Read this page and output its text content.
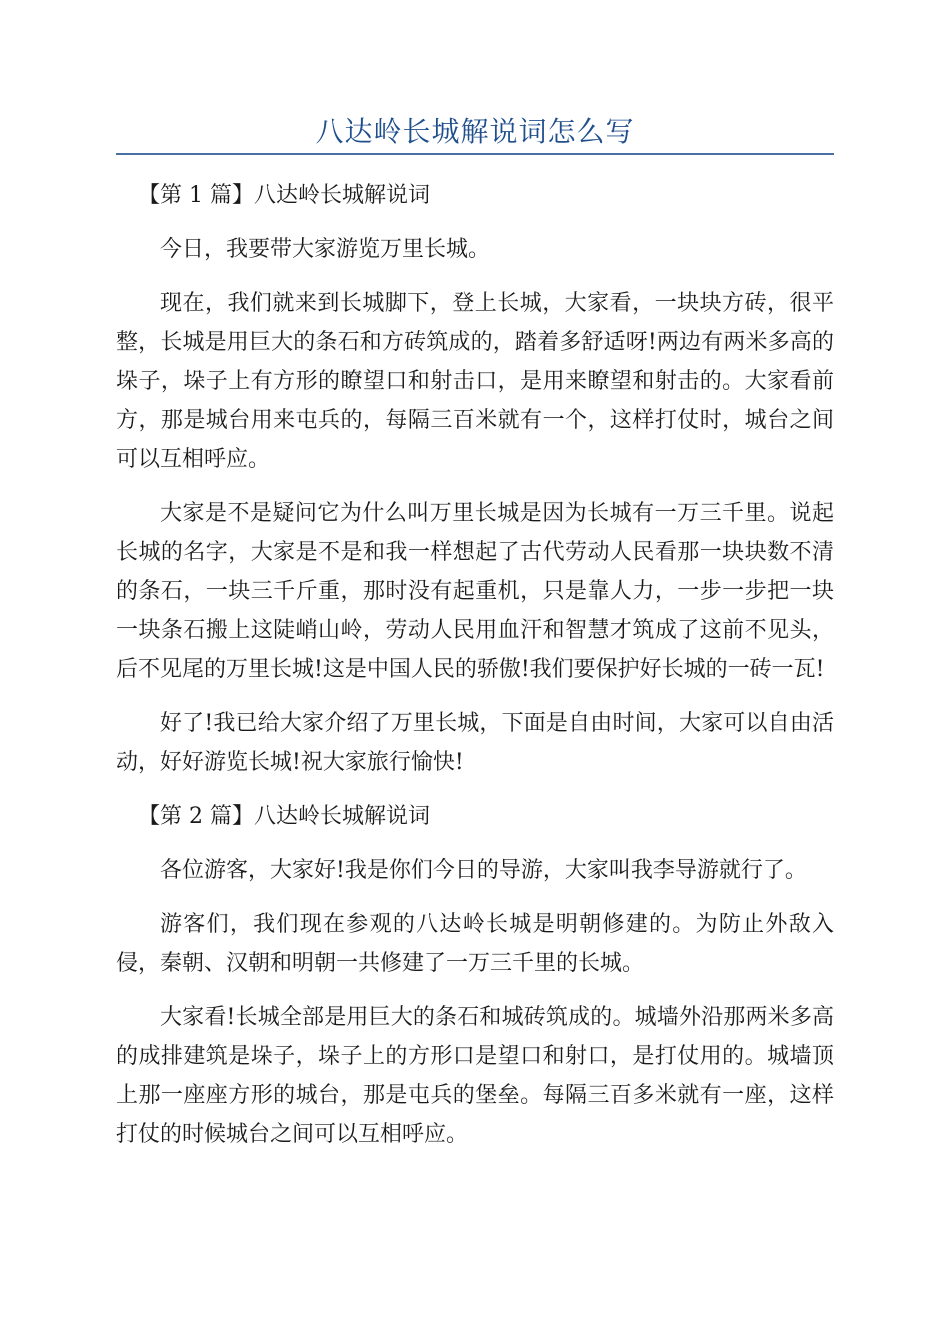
八达岭长城解说词怎么写

【第 1 篇】八达岭长城解说词

今日，我要带大家游览万里长城。

现在，我们就来到长城脚下，登上长城，大家看，一块块方砖，很平整，长城是用巨大的条石和方砖筑成的，踏着多舒适呀!两边有两米多高的垛子，垛子上有方形的瞭望口和射击口，是用来瞭望和射击的。大家看前方，那是城台用来屯兵的，每隔三百米就有一个，这样打仗时，城台之间可以互相呼应。

大家是不是疑问它为什么叫万里长城是因为长城有一万三千里。说起长城的名字，大家是不是和我一样想起了古代劳动人民看那一块块数不清的条石，一块三千斤重，那时没有起重机，只是靠人力，一步一步把一块一块条石搬上这陡峭山岭，劳动人民用血汗和智慧才筑成了这前不见头，后不见尾的万里长城!这是中国人民的骄傲!我们要保护好长城的一砖一瓦!

好了!我已给大家介绍了万里长城，下面是自由时间，大家可以自由活动，好好游览长城!祝大家旅行愉快!

【第 2 篇】八达岭长城解说词

各位游客，大家好!我是你们今日的导游，大家叫我李导游就行了。

游客们，我们现在参观的八达岭长城是明朝修建的。为防止外敌入侵，秦朝、汉朝和明朝一共修建了一万三千里的长城。

大家看!长城全部是用巨大的条石和城砖筑成的。城墙外沿那两米多高的成排建筑是垛子，垛子上的方形口是望口和射口，是打仗用的。城墙顶上那一座座方形的城台，那是屯兵的堡垒。每隔三百多米就有一座，这样打仗的时候城台之间可以互相呼应。
